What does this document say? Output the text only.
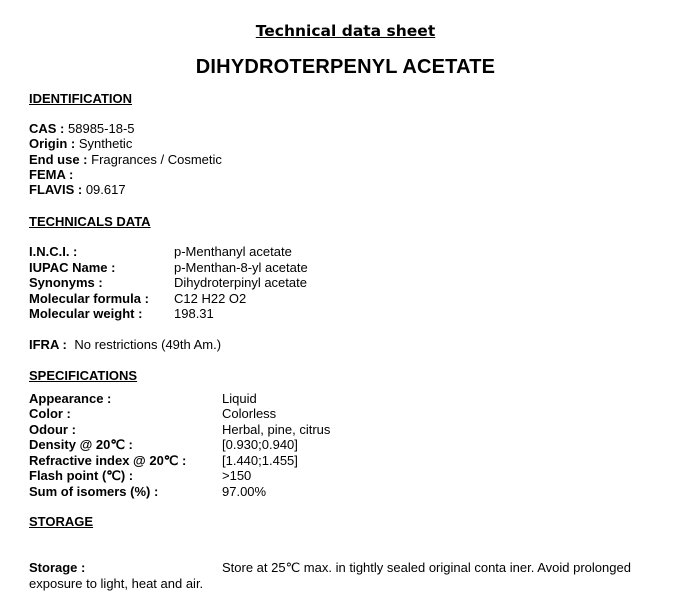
Technical data sheet
DIHYDROTERPENYL ACETATE
IDENTIFICATION
CAS : 58985-18-5
Origin : Synthetic
End use : Fragrances / Cosmetic
FEMA :
FLAVIS : 09.617
TECHNICALS DATA
I.N.C.I. :	p-Menthanyl acetate
IUPAC Name :	p-Menthan-8-yl acetate
Synonyms :	Dihydroterpinyl acetate
Molecular formula : C12 H22 O2
Molecular weight : 198.31
IFRA : No restrictions (49th Am.)
SPECIFICATIONS
Appearance :	Liquid
Color :	Colorless
Odour :	Herbal, pine, citrus
Density @ 20℃ :	[0.930;0.940]
Refractive index @ 20℃ :	[1.440;1.455]
Flash point (℃) :	>150
Sum of isomers (%) :	97.00%
STORAGE
Storage :	Store at 25℃ max. in tightly sealed original conta iner. Avoid prolonged
exposure to light, heat and air.
